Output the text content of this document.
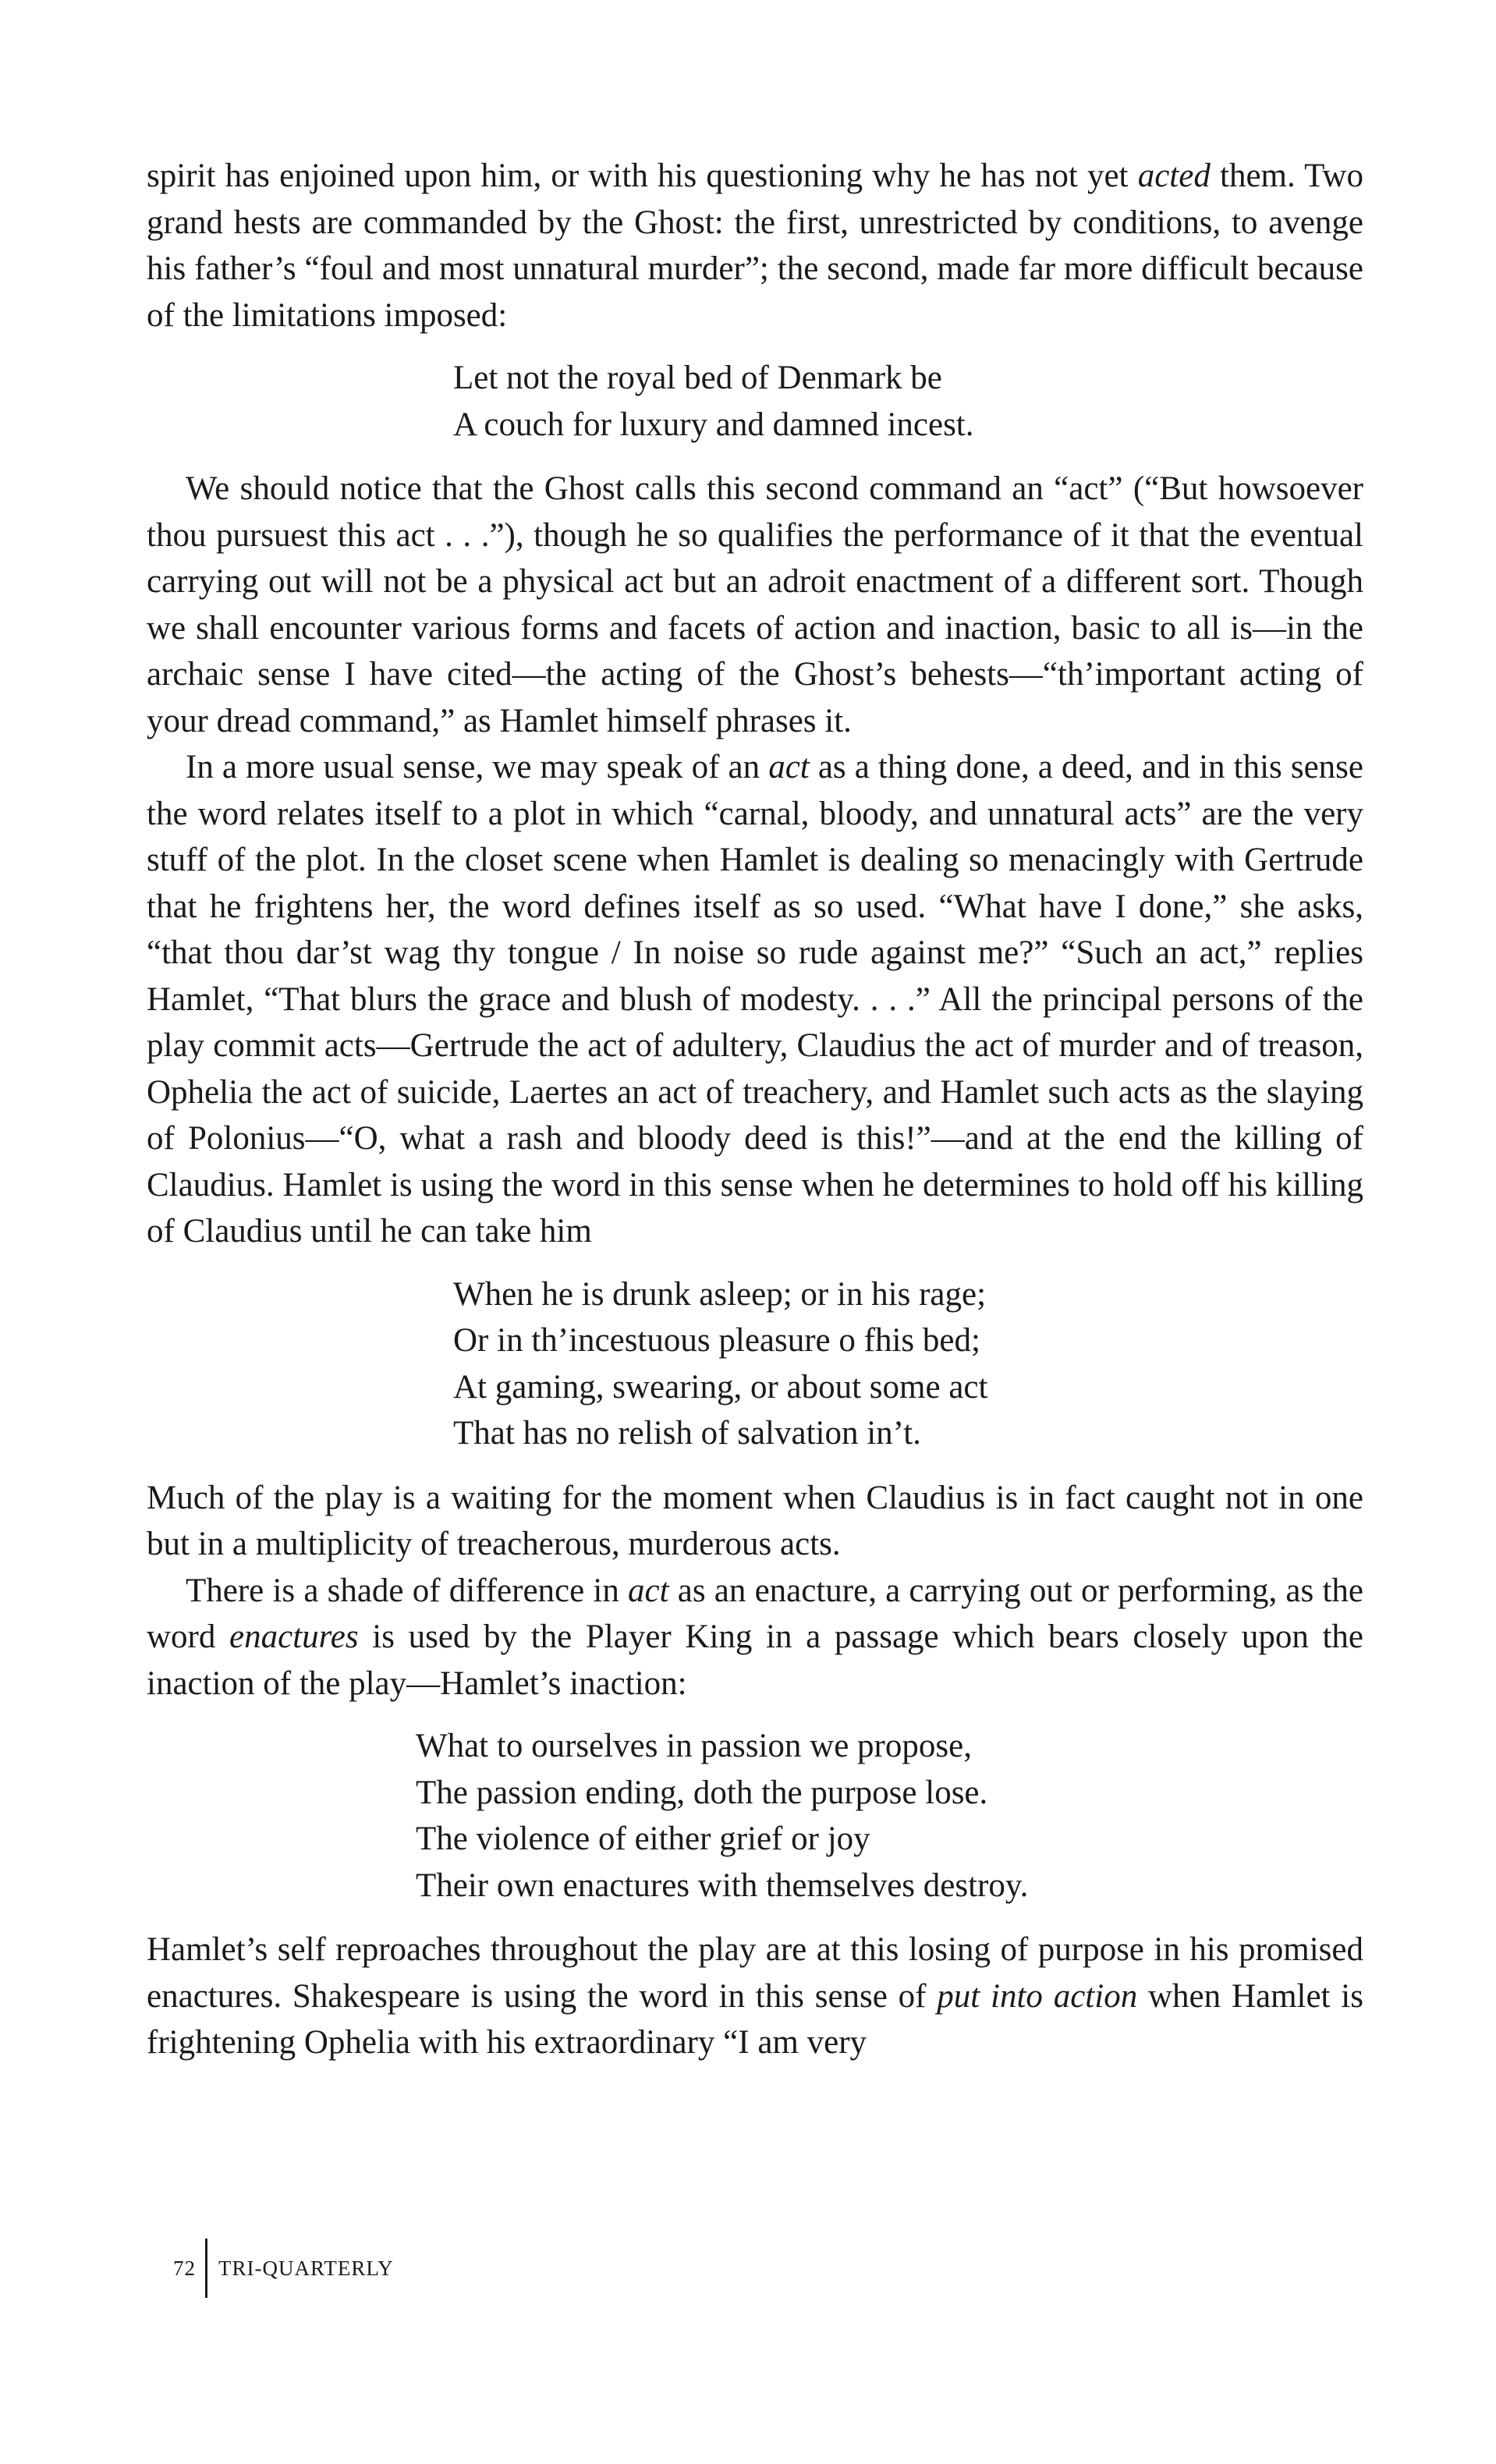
spirit has enjoined upon him, or with his questioning why he has not yet acted them. Two grand hests are commanded by the Ghost: the first, unrestricted by conditions, to avenge his father’s “foul and most unnatural murder”; the second, made far more difficult because of the limitations imposed:

Let not the royal bed of Denmark be
A couch for luxury and damned incest.

We should notice that the Ghost calls this second command an “act” (“But howsoever thou pursuest this act . . .”), though he so qualifies the performance of it that the eventual carrying out will not be a physical act but an adroit enactment of a different sort. Though we shall encounter various forms and facets of action and inaction, basic to all is—in the archaic sense I have cited—the acting of the Ghost’s behests—“th’important acting of your dread command,” as Hamlet himself phrases it.

In a more usual sense, we may speak of an act as a thing done, a deed, and in this sense the word relates itself to a plot in which “carnal, bloody, and unnatural acts” are the very stuff of the plot. In the closet scene when Hamlet is dealing so menacingly with Gertrude that he frightens her, the word defines itself as so used. “What have I done,” she asks, “that thou dar’st wag thy tongue / In noise so rude against me?” “Such an act,” replies Hamlet, “That blurs the grace and blush of modesty. . . .” All the principal persons of the play commit acts—Gertrude the act of adultery, Claudius the act of murder and of treason, Ophelia the act of suicide, Laertes an act of treachery, and Hamlet such acts as the slaying of Polonius—“O, what a rash and bloody deed is this!”—and at the end the killing of Claudius. Hamlet is using the word in this sense when he determines to hold off his killing of Claudius until he can take him

When he is drunk asleep; or in his rage;
Or in th’incestuous pleasure o fhis bed;
At gaming, swearing, or about some act
That has no relish of salvation in’t.

Much of the play is a waiting for the moment when Claudius is in fact caught not in one but in a multiplicity of treacherous, murderous acts.

There is a shade of difference in act as an enacture, a carrying out or performing, as the word enactures is used by the Player King in a passage which bears closely upon the inaction of the play—Hamlet’s inaction:

What to ourselves in passion we propose,
The passion ending, doth the purpose lose.
The violence of either grief or joy
Their own enactures with themselves destroy.

Hamlet’s self reproaches throughout the play are at this losing of purpose in his promised enactures. Shakespeare is using the word in this sense of put into action when Hamlet is frightening Ophelia with his extraordinary “I am very

72	TRI-QUARTERLY
